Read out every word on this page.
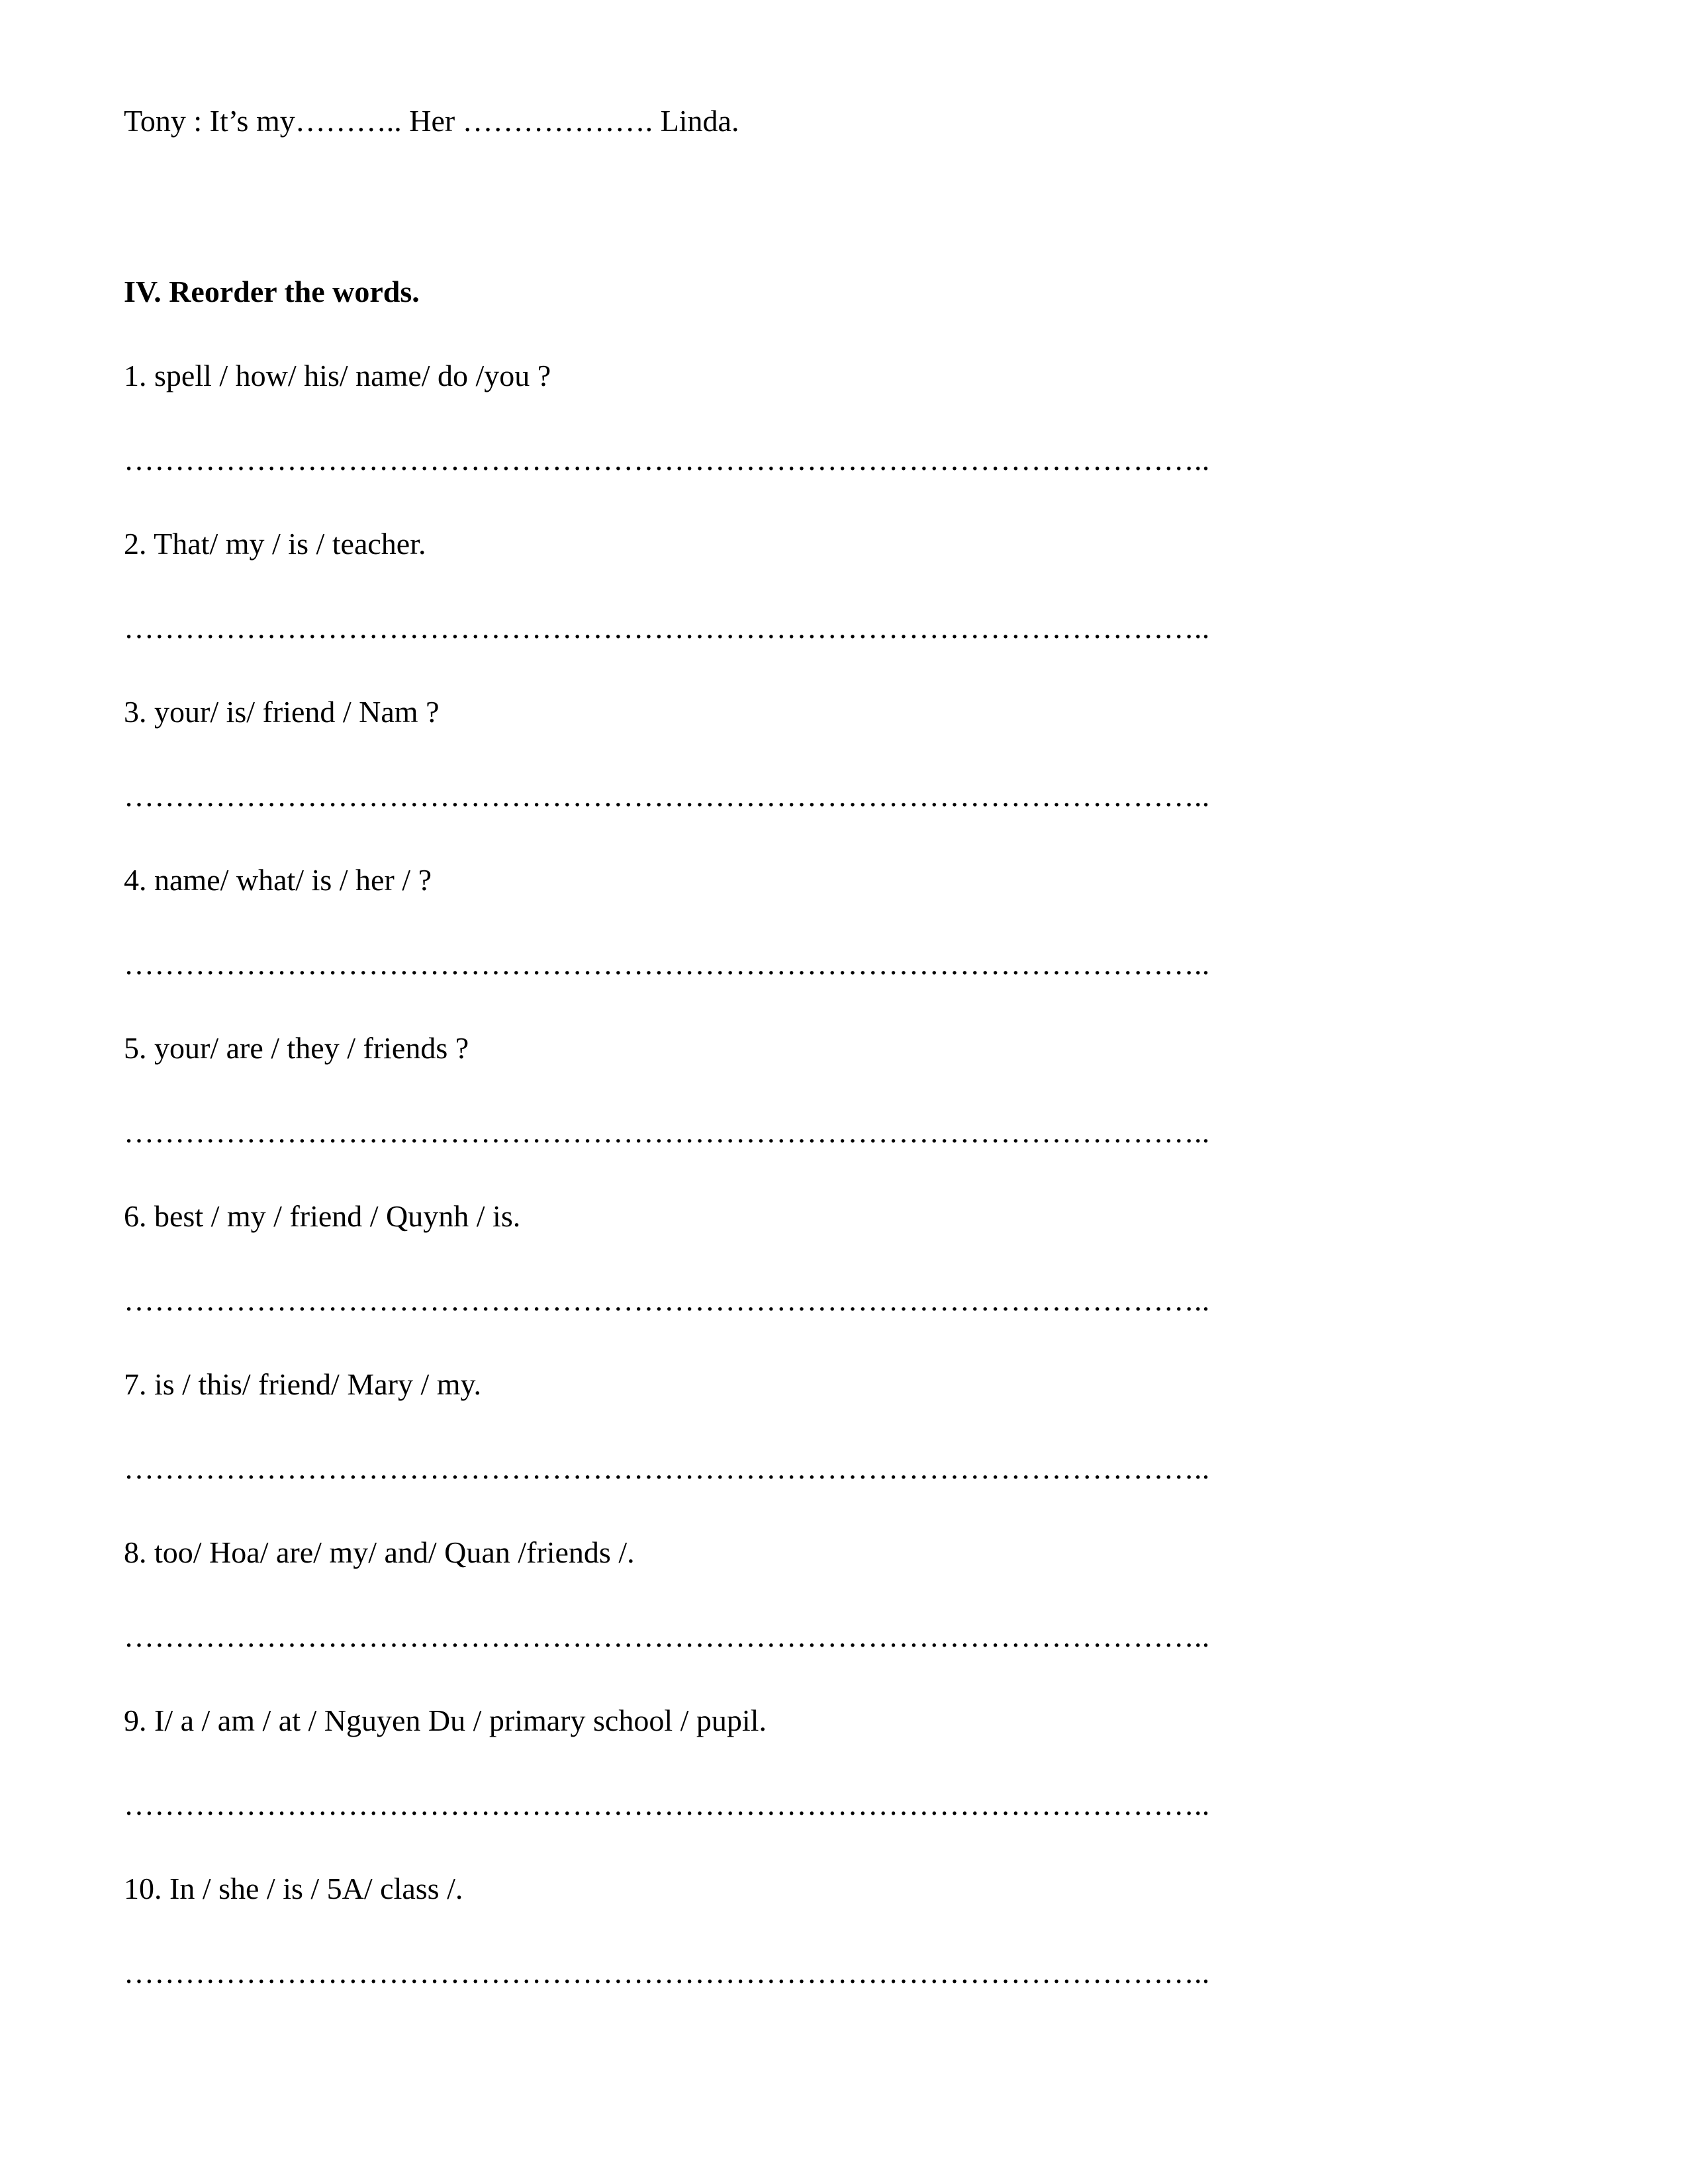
Tony : It’s my……….. Her ………………. Linda.
IV. Reorder the words.
1. spell / how/ his/ name/ do /you ?
……………………………………………………………………………………………..
2. That/ my / is / teacher.
……………………………………………………………………………………………..
3. your/ is/ friend / Nam ?
……………………………………………………………………………………………..
4. name/ what/ is / her / ?
……………………………………………………………………………………………..
5. your/ are / they / friends ?
……………………………………………………………………………………………..
6. best / my / friend / Quynh / is.
……………………………………………………………………………………………..
7. is / this/ friend/ Mary / my.
……………………………………………………………………………………………..
8. too/ Hoa/ are/ my/ and/ Quan /friends /.
……………………………………………………………………………………………..
9. I/ a / am / at / Nguyen Du / primary school / pupil.
……………………………………………………………………………………………..
10. In / she / is / 5A/ class /.
……………………………………………………………………………………………..
